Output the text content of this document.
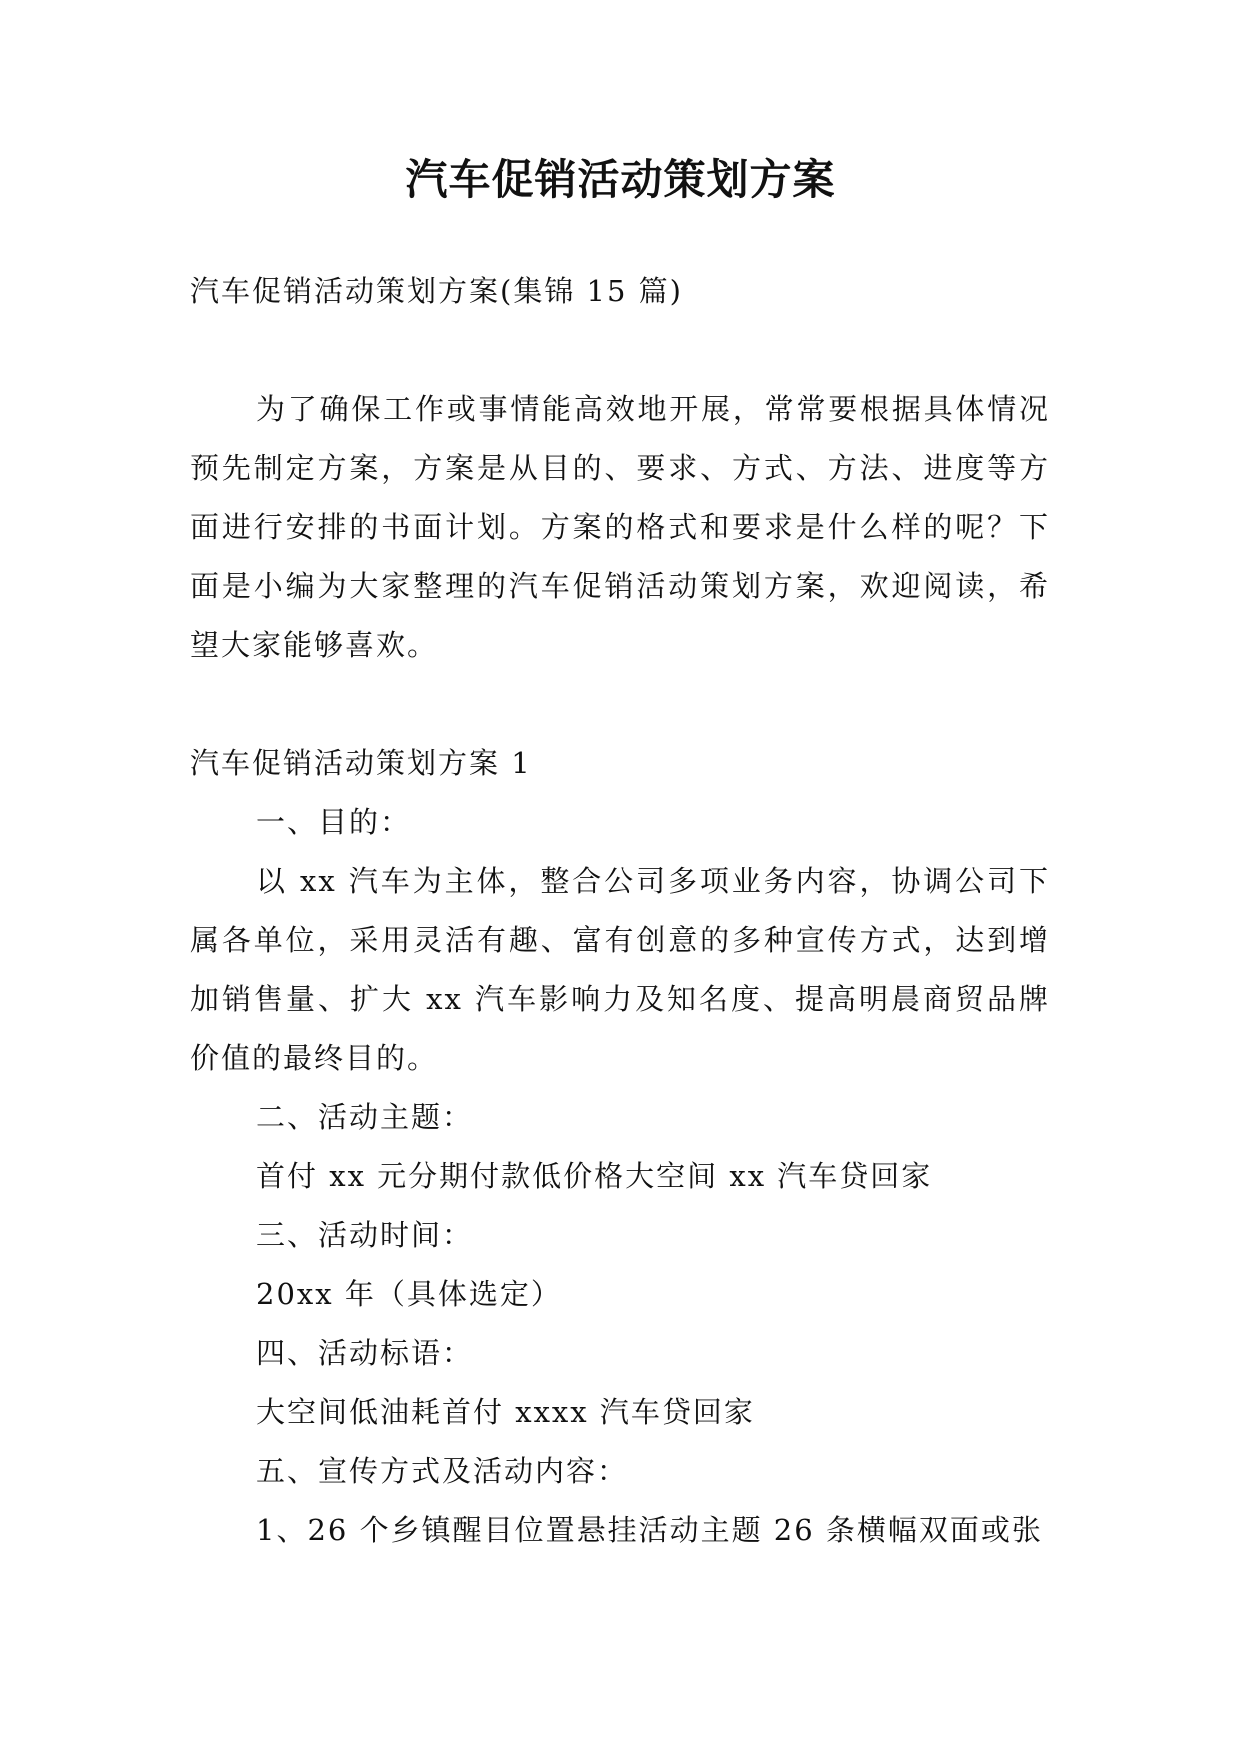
汽车促销活动策划方案
汽车促销活动策划方案(集锦 15 篇)
为了确保工作或事情能高效地开展，常常要根据具体情况预先制定方案，方案是从目的、要求、方式、方法、进度等方面进行安排的书面计划。方案的格式和要求是什么样的呢？下面是小编为大家整理的汽车促销活动策划方案，欢迎阅读，希望大家能够喜欢。
汽车促销活动策划方案 1
一、目的：
以 xx 汽车为主体，整合公司多项业务内容，协调公司下属各单位，采用灵活有趣、富有创意的多种宣传方式，达到增加销售量、扩大 xx 汽车影响力及知名度、提高明晨商贸品牌价值的最终目的。
二、活动主题：
首付 xx 元分期付款低价格大空间 xx 汽车贷回家
三、活动时间：
20xx 年（具体选定）
四、活动标语：
大空间低油耗首付 xxxx 汽车贷回家
五、宣传方式及活动内容：
1、26 个乡镇醒目位置悬挂活动主题 26 条横幅双面或张
